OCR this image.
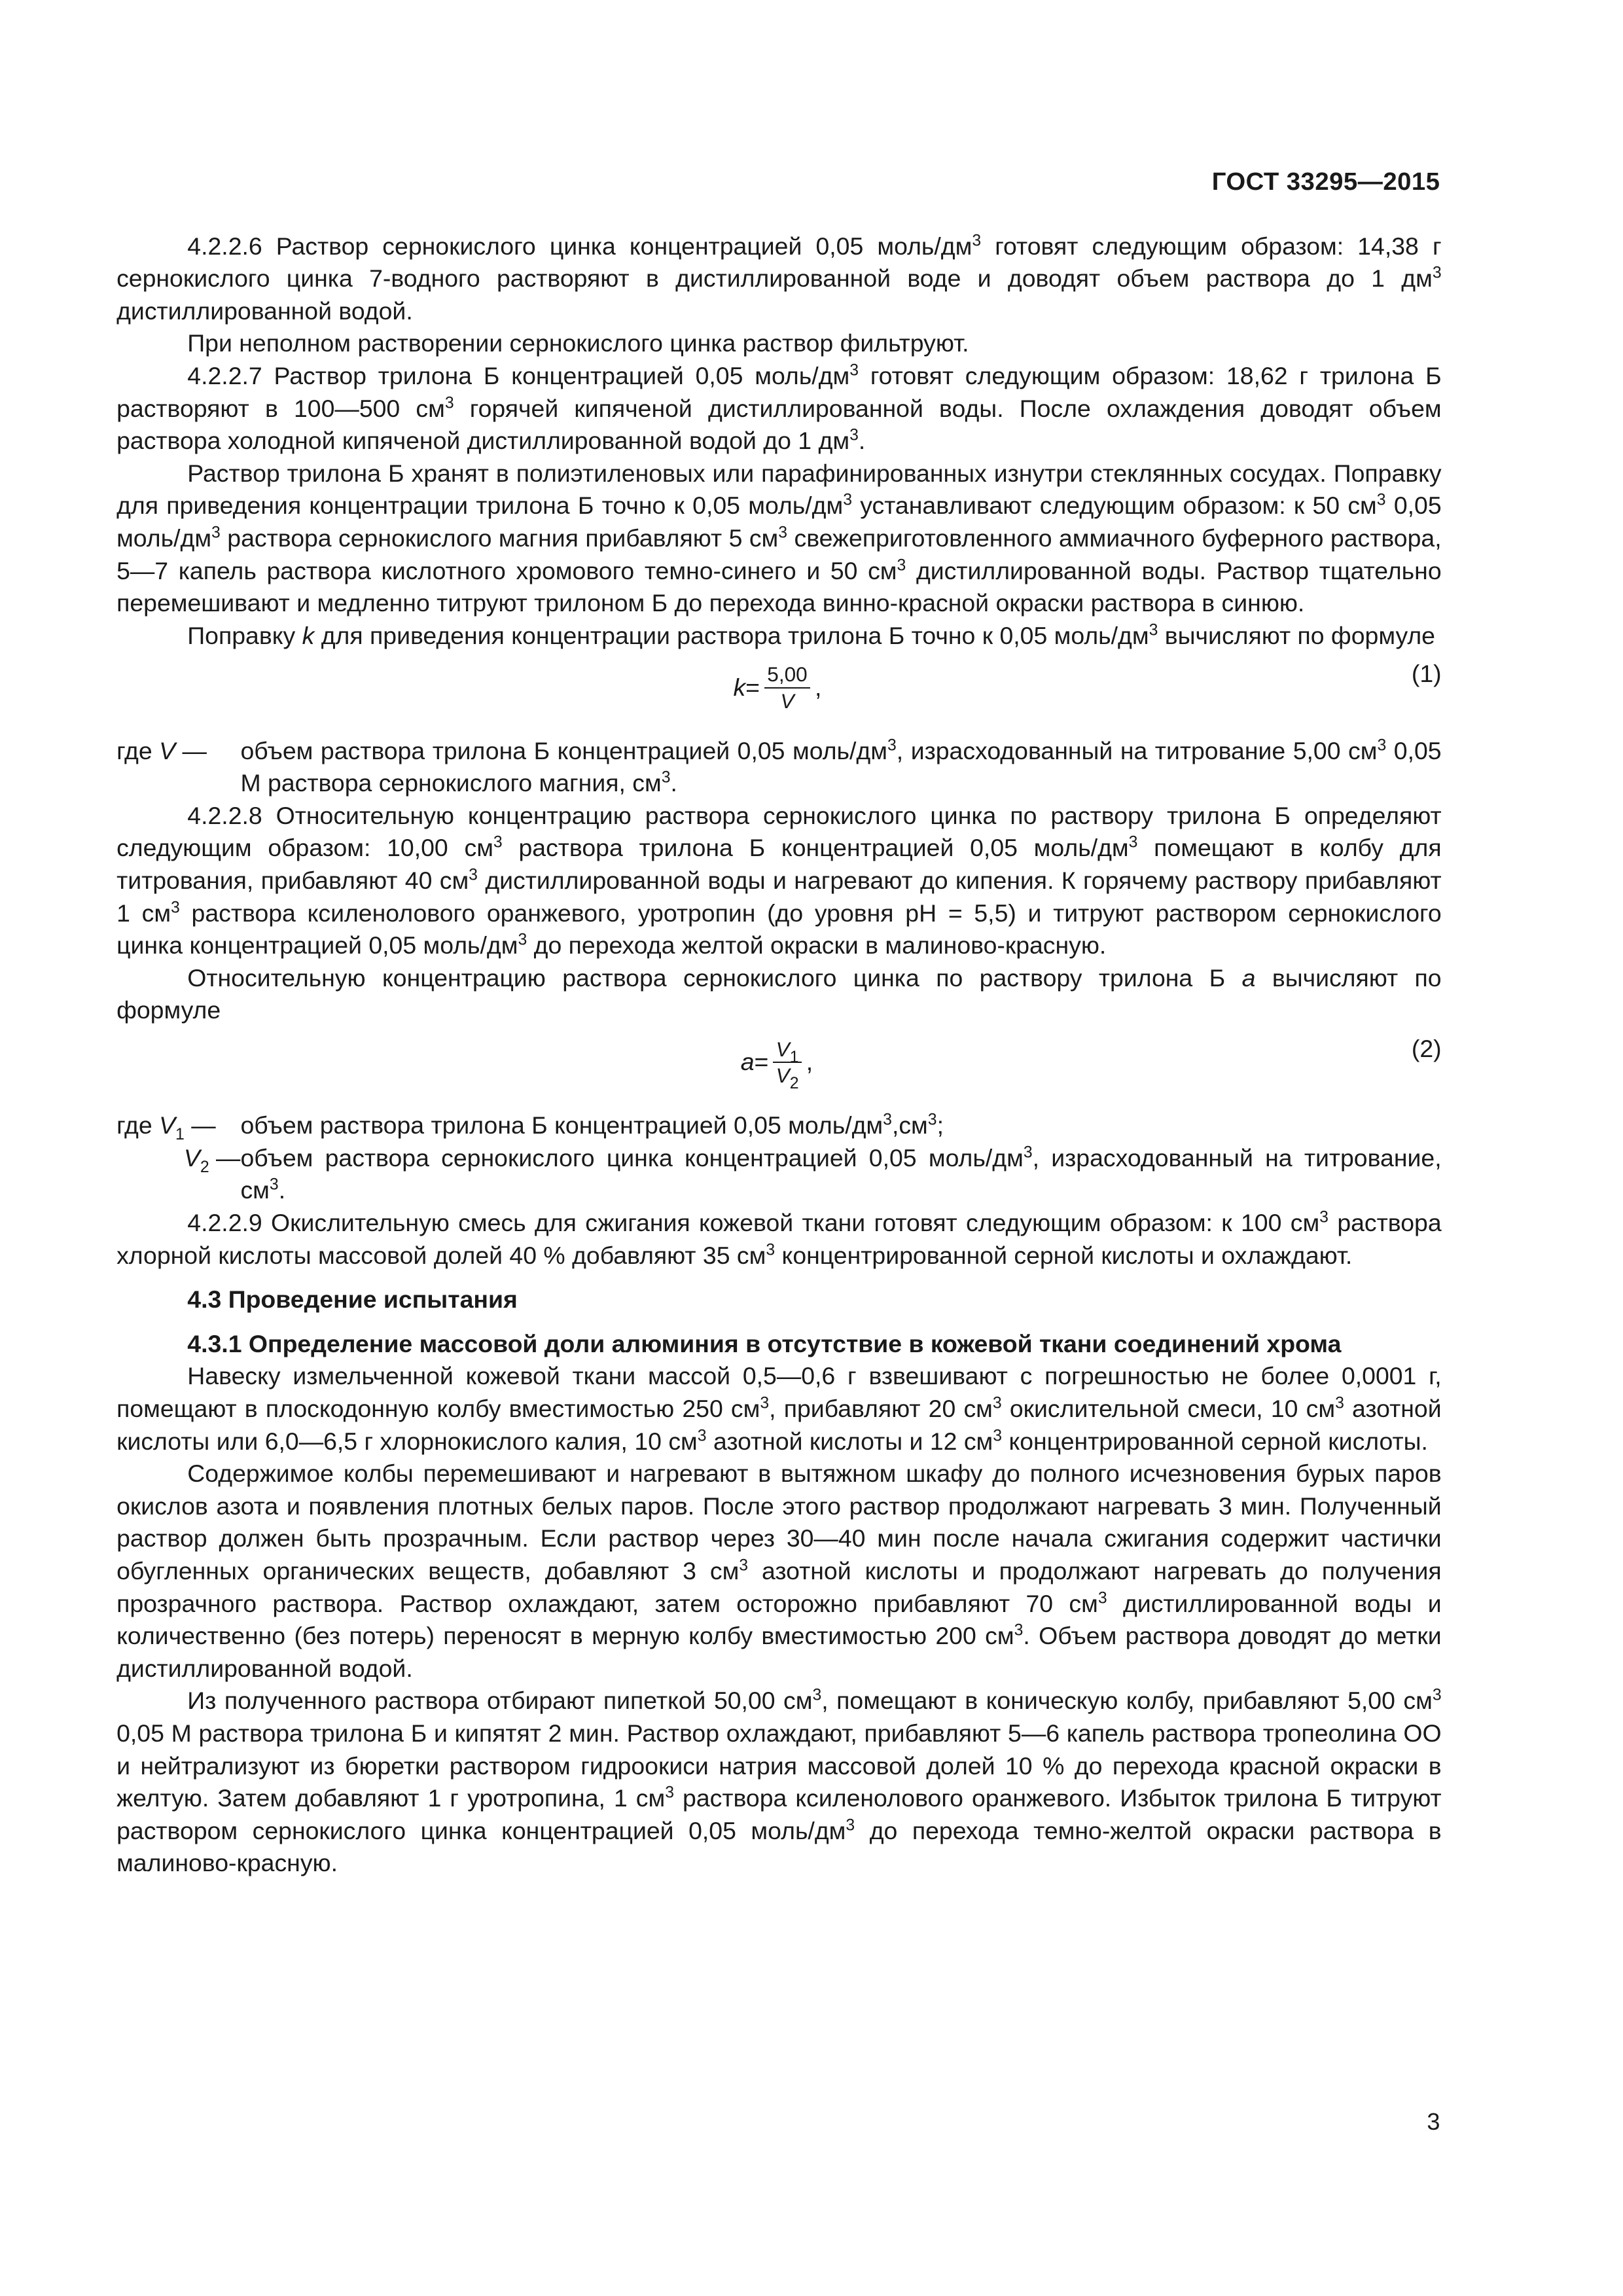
ГОСТ 33295—2015

4.2.2.6 Раствор сернокислого цинка концентрацией 0,05 моль/$дм^3$ готовят следующим образом: 14,38 г сернокислого цинка 7-водного растворяют в дистиллированной воде и доводят объем раствора до 1 $дм^3$ дистиллированной водой.

При неполном растворении сернокислого цинка раствор фильтруют.

4.2.2.7 Раствор трилона Б концентрацией 0,05 моль/$дм^3$ готовят следующим образом: 18,62 г трилона Б растворяют в 100—500 $см^3$ горячей кипяченой дистиллированной воды. После охлаждения доводят объем раствора холодной кипяченой дистиллированной водой до 1 $дм^3$.

Раствор трилона Б хранят в полиэтиленовых или парафинированных изнутри стеклянных сосудах. Поправку для приведения концентрации трилона Б точно к 0,05 моль/$дм^3$ устанавливают следующим образом: к 50 $см^3$ 0,05 моль/$дм^3$ раствора сернокислого магния прибавляют 5 $см^3$ свежеприготовленного аммиачного буферного раствора, 5—7 капель раствора кислотного хромового темно-синего и 50 $см^3$ дистиллированной воды. Раствор тщательно перемешивают и медленно титруют трилоном Б до перехода винно-красной окраски раствора в синюю.

Поправку k для приведения концентрации раствора трилона Б точно к 0,05 моль/$дм^3$ вычисляют по формуле

$k = \frac{5,00}{V}$ ,	(1)
где V —	объем раствора трилона Б концентрацией 0,05 моль/$дм^3$, израсходованный на титрование 5,00 $см^3$ 0,05 М раствора сернокислого магния, $см^3$.

4.2.2.8 Относительную концентрацию раствора сернокислого цинка по раствору трилона Б определяют следующим образом: 10,00 $см^3$ раствора трилона Б концентрацией 0,05 моль/$дм^3$ помещают в колбу для титрования, прибавляют 40 $см^3$ дистиллированной воды и нагревают до кипения. К горячему раствору прибавляют 1 $см^3$ раствора ксиленолового оранжевого, уротропин (до уровня pH = 5,5) и титруют раствором сернокислого цинка концентрацией 0,05 моль/$дм^3$ до перехода желтой окраски в малиново-красную.

Относительную концентрацию раствора сернокислого цинка по раствору трилона Б a вычисляют по формуле

$a = \frac{V_1}{V_2}$ ,	(2)
где $V_1$ —	объем раствора трилона Б концентрацией 0,05 моль/$дм^3,см^3$;
$V_2$ — объем раствора сернокислого цинка концентрацией 0,05 моль/$дм^3$, израсходованный на титрование, $см^3$.

4.2.2.9 Окислительную смесь для сжигания кожевой ткани готовят следующим образом: к 100 $см^3$ раствора хлорной кислоты массовой долей 40 % добавляют 35 $см^3$ концентрированной серной кислоты и охлаждают.

4.3 Проведение испытания
4.3.1 Определение массовой доли алюминия в отсутствие в кожевой ткани соединений хрома

Навеску измельченной кожевой ткани массой 0,5—0,6 г взвешивают с погрешностью не более 0,0001 г, помещают в плоскодонную колбу вместимостью 250 $см^3$, прибавляют 20 $см^3$ окислительной смеси, 10 $см^3$ азотной кислоты или 6,0—6,5 г хлорнокислого калия, 10 $см^3$ азотной кислоты и 12 $см^3$ концентрированной серной кислоты.

Содержимое колбы перемешивают и нагревают в вытяжном шкафу до полного исчезновения бурых паров окислов азота и появления плотных белых паров. После этого раствор продолжают нагревать 3 мин. Полученный раствор должен быть прозрачным. Если раствор через 30—40 мин после начала сжигания содержит частички обугленных органических веществ, добавляют 3 $см^3$ азотной кислоты и продолжают нагревать до получения прозрачного раствора. Раствор охлаждают, затем осторожно прибавляют 70 $см^3$ дистиллированной воды и количественно (без потерь) переносят в мерную колбу вместимостью 200 $см^3$. Объем раствора доводят до метки дистиллированной водой.

Из полученного раствора отбирают пипеткой 50,00 $см^3$, помещают в коническую колбу, прибавляют 5,00 $см^3$ 0,05 М раствора трилона Б и кипятят 2 мин. Раствор охлаждают, прибавляют 5—6 капель раствора тропеолина ОО и нейтрализуют из бюретки раствором гидроокиси натрия массовой долей 10 % до перехода красной окраски в желтую. Затем добавляют 1 г уротропина, 1 $см^3$ раствора ксиленолового оранжевого. Избыток трилона Б титруют раствором сернокислого цинка концентрацией 0,05 моль/$дм^3$ до перехода темно-желтой окраски раствора в малиново-красную.

3
